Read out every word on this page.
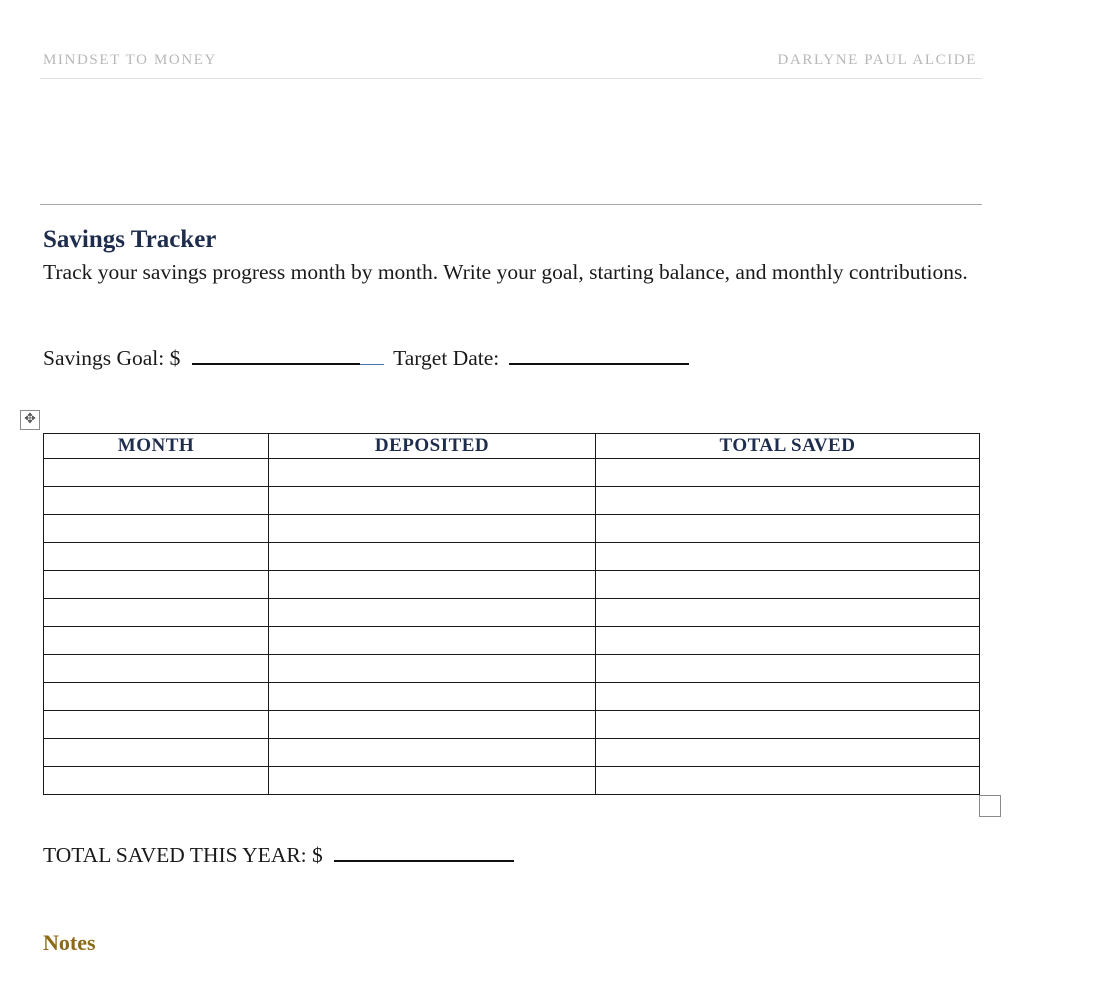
MINDSET TO MONEY	DARLYNE PAUL ALCIDE
Savings Tracker
Track your savings progress month by month. Write your goal, starting balance, and monthly contributions.
Savings Goal: $	Target Date:
✥
MONTH	DEPOSITED	TOTAL SAVED

TOTAL SAVED THIS YEAR: $
Notes
